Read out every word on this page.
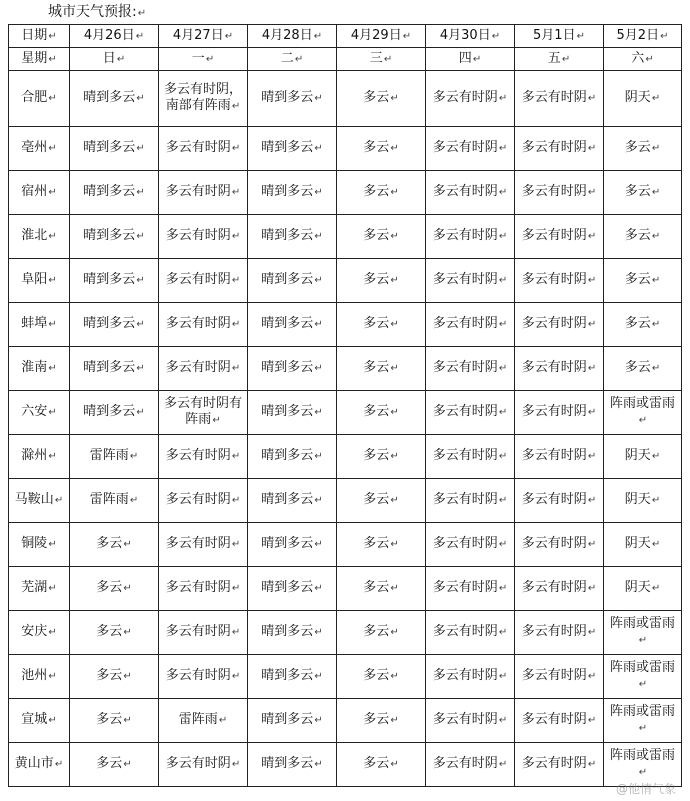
城市天气预报:↵
日期↵	4月26日↵	4月27日↵	4月28日↵	4月29日↵	4月30日↵	5月1日↵	5月2日↵
星期↵	日↵	一↵	二↵	三↵	四↵	五↵	六↵
合肥↵	晴到多云↵	多云有时阴，南部有阵雨↵	晴到多云↵	多云↵	多云有时阴↵	多云有时阴↵	阴天↵
亳州↵	晴到多云↵	多云有时阴↵	晴到多云↵	多云↵	多云有时阴↵	多云有时阴↵	多云↵
宿州↵	晴到多云↵	多云有时阴↵	晴到多云↵	多云↵	多云有时阴↵	多云有时阴↵	多云↵
淮北↵	晴到多云↵	多云有时阴↵	晴到多云↵	多云↵	多云有时阴↵	多云有时阴↵	多云↵
阜阳↵	晴到多云↵	多云有时阴↵	晴到多云↵	多云↵	多云有时阴↵	多云有时阴↵	多云↵
蚌埠↵	晴到多云↵	多云有时阴↵	晴到多云↵	多云↵	多云有时阴↵	多云有时阴↵	多云↵
淮南↵	晴到多云↵	多云有时阴↵	晴到多云↵	多云↵	多云有时阴↵	多云有时阴↵	多云↵
六安↵	晴到多云↵	多云有时阴有阵雨↵	晴到多云↵	多云↵	多云有时阴↵	多云有时阴↵	阵雨或雷雨↵
滁州↵	雷阵雨↵	多云有时阴↵	晴到多云↵	多云↵	多云有时阴↵	多云有时阴↵	阴天↵
马鞍山↵	雷阵雨↵	多云有时阴↵	晴到多云↵	多云↵	多云有时阴↵	多云有时阴↵	阴天↵
铜陵↵	多云↵	多云有时阴↵	晴到多云↵	多云↵	多云有时阴↵	多云有时阴↵	阴天↵
芜湖↵	多云↵	多云有时阴↵	晴到多云↵	多云↵	多云有时阴↵	多云有时阴↵	阴天↵
安庆↵	多云↵	多云有时阴↵	晴到多云↵	多云↵	多云有时阴↵	多云有时阴↵	阵雨或雷雨↵
池州↵	多云↵	多云有时阴↵	晴到多云↵	多云↵	多云有时阴↵	多云有时阴↵	阵雨或雷雨↵
宣城↵	多云↵	雷阵雨↵	晴到多云↵	多云↵	多云有时阴↵	多云有时阴↵	阵雨或雷雨↵
黄山市↵	多云↵	多云有时阴↵	晴到多云↵	多云↵	多云有时阴↵	多云有时阴↵	阵雨或雷雨↵
@他情气象
